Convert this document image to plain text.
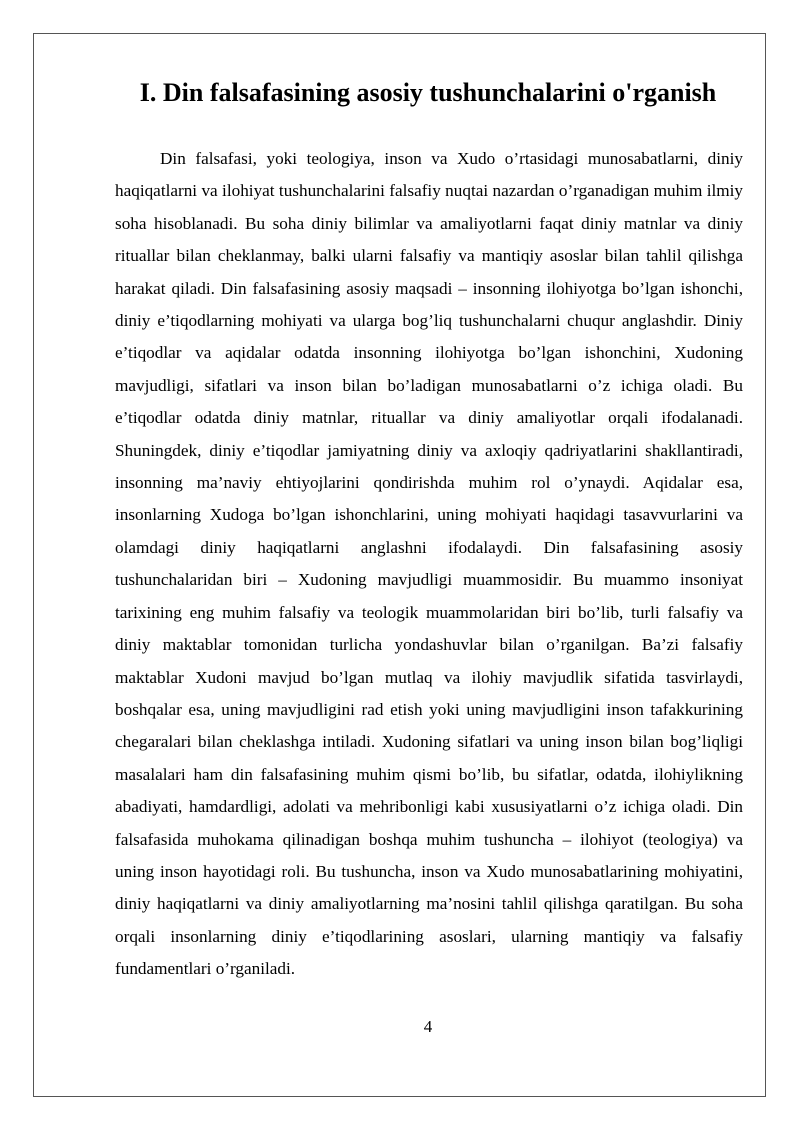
I. Din falsafasining asosiy tushunchalarini o'rganish

Din falsafasi, yoki teologiya, inson va Xudo o’rtasidagi munosabatlarni, diniy haqiqatlarni va ilohiyat tushunchalarini falsafiy nuqtai nazardan o’rganadigan muhim ilmiy soha hisoblanadi. Bu soha diniy bilimlar va amaliyotlarni faqat diniy matnlar va diniy rituallar bilan cheklanmay, balki ularni falsafiy va mantiqiy asoslar bilan tahlil qilishga harakat qiladi. Din falsafasining asosiy maqsadi – insonning ilohiyotga bo’lgan ishonchi, diniy e’tiqodlarning mohiyati va ularga bog’liq tushunchalarni chuqur anglashdir. Diniy e’tiqodlar va aqidalar odatda insonning ilohiyotga bo’lgan ishonchini, Xudoning mavjudligi, sifatlari va inson bilan bo’ladigan munosabatlarni o’z ichiga oladi. Bu e’tiqodlar odatda diniy matnlar, rituallar va diniy amaliyotlar orqali ifodalanadi. Shuningdek, diniy e’tiqodlar jamiyatning diniy va axloqiy qadriyatlarini shakllantiradi, insonning ma’naviy ehtiyojlarini qondirishda muhim rol o’ynaydi. Aqidalar esa, insonlarning Xudoga bo’lgan ishonchlarini, uning mohiyati haqidagi tasavvurlarini va olamdagi diniy haqiqatlarni anglashni ifodalaydi. Din falsafasining asosiy tushunchalaridan biri – Xudoning mavjudligi muammosidir. Bu muammo insoniyat tarixining eng muhim falsafiy va teologik muammolaridan biri bo’lib, turli falsafiy va diniy maktablar tomonidan turlicha yondashuvlar bilan o’rganilgan. Ba’zi falsafiy maktablar Xudoni mavjud bo’lgan mutlaq va ilohiy mavjudlik sifatida tasvirlaydi, boshqalar esa, uning mavjudligini rad etish yoki uning mavjudligini inson tafakkurining chegaralari bilan cheklashga intiladi. Xudoning sifatlari va uning inson bilan bog’liqligi masalalari ham din falsafasining muhim qismi bo’lib, bu sifatlar, odatda, ilohiylikning abadiyati, hamdardligi, adolati va mehribonligi kabi xususiyatlarni o’z ichiga oladi. Din falsafasida muhokama qilinadigan boshqa muhim tushuncha – ilohiyot (teologiya) va uning inson hayotidagi roli. Bu tushuncha, inson va Xudo munosabatlarining mohiyatini, diniy haqiqatlarni va diniy amaliyotlarning ma’nosini tahlil qilishga qaratilgan. Bu soha orqali insonlarning diniy e’tiqodlarining asoslari, ularning mantiqiy va falsafiy fundamentlari o’rganiladi.

4
